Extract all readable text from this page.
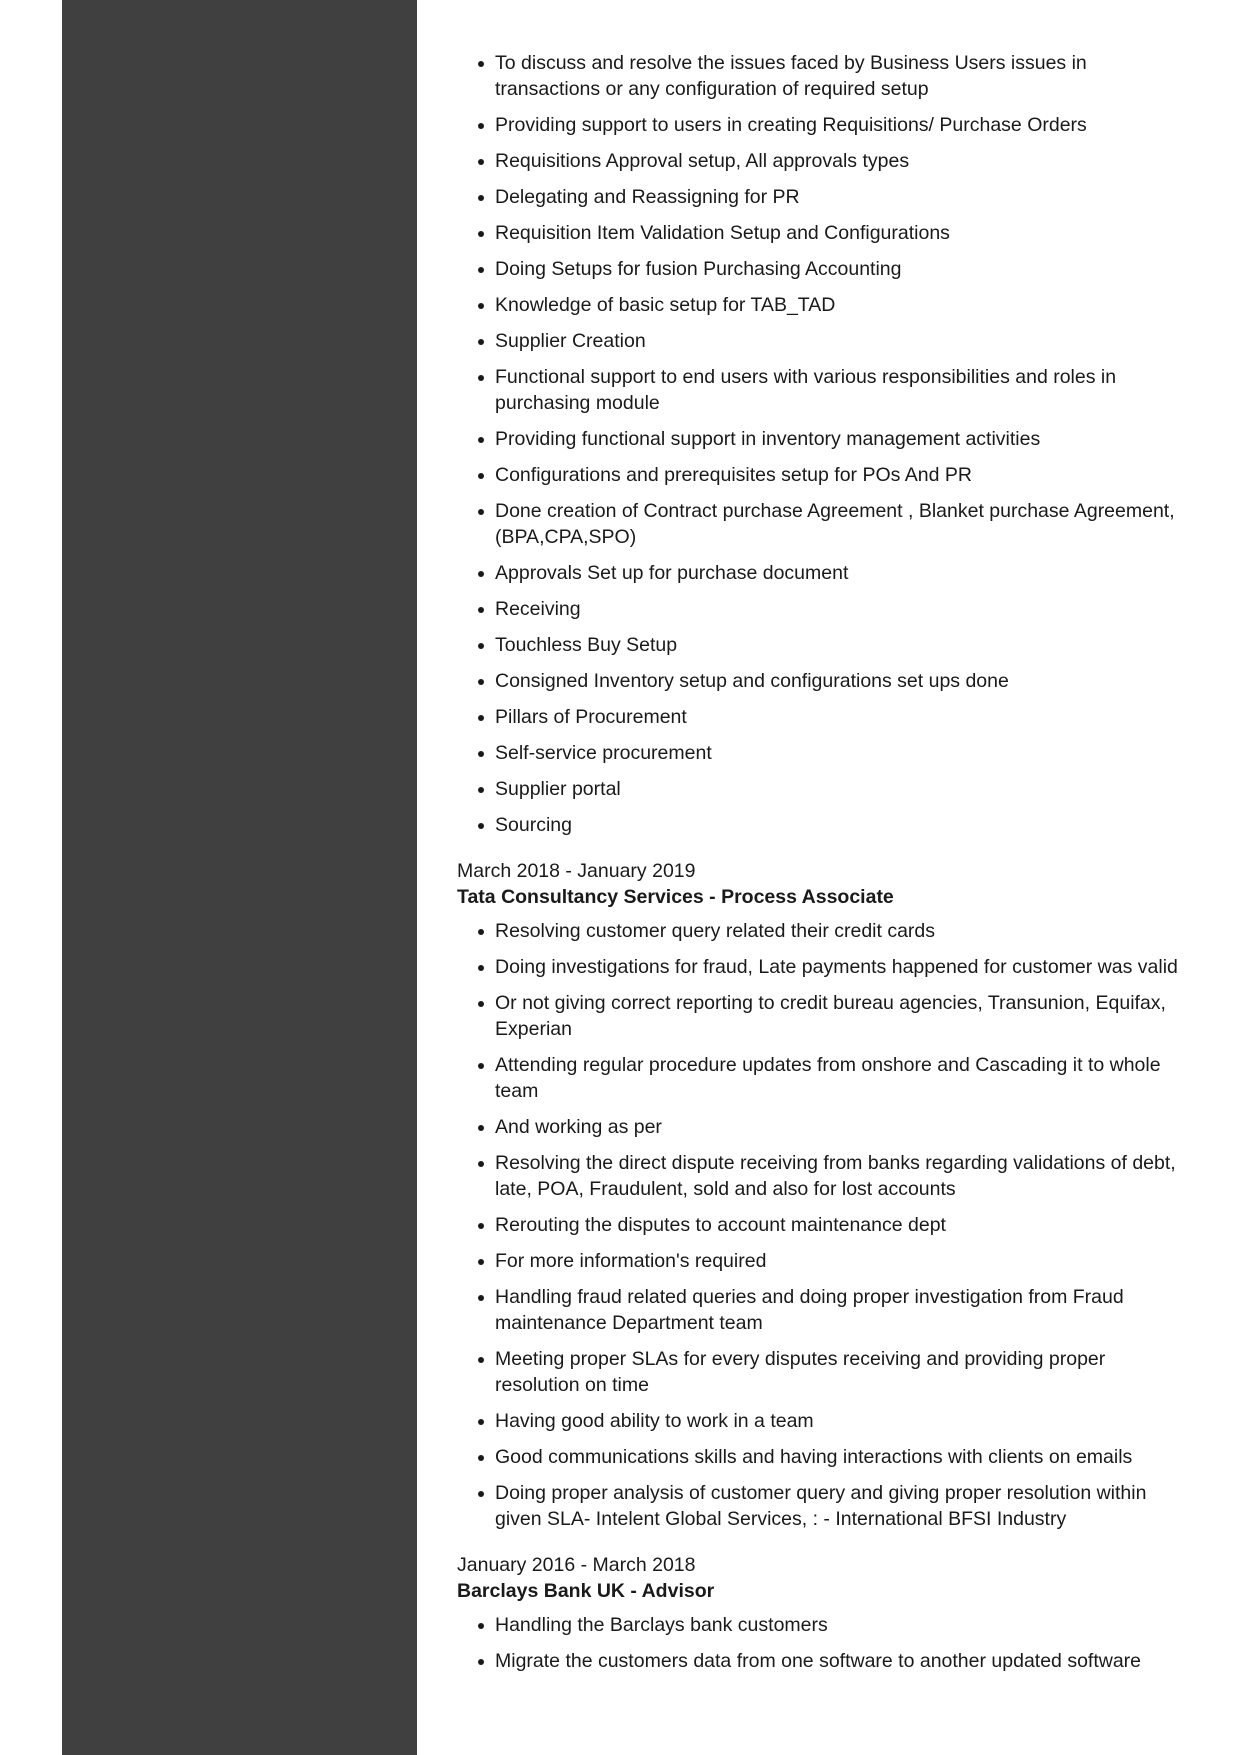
To discuss and resolve the issues faced by Business Users issues in transactions or any configuration of required setup
Providing support to users in creating Requisitions/ Purchase Orders
Requisitions Approval setup, All approvals types
Delegating and Reassigning for PR
Requisition Item Validation Setup and Configurations
Doing Setups for fusion Purchasing Accounting
Knowledge of basic setup for TAB_TAD
Supplier Creation
Functional support to end users with various responsibilities and roles in purchasing module
Providing functional support in inventory management activities
Configurations and prerequisites setup for POs And PR
Done creation of Contract purchase Agreement , Blanket purchase Agreement, (BPA,CPA,SPO)
Approvals Set up for purchase document
Receiving
Touchless Buy Setup
Consigned Inventory setup and configurations set ups done
Pillars of Procurement
Self-service procurement
Supplier portal
Sourcing
March 2018 - January 2019
Tata Consultancy Services - Process Associate
Resolving customer query related their credit cards
Doing investigations for fraud, Late payments happened for customer was valid
Or not giving correct reporting to credit bureau agencies, Transunion, Equifax, Experian
Attending regular procedure updates from onshore and Cascading it to whole team
And working as per
Resolving the direct dispute receiving from banks regarding validations of debt, late, POA, Fraudulent, sold and also for lost accounts
Rerouting the disputes to account maintenance dept
For more information's required
Handling fraud related queries and doing proper investigation from Fraud maintenance Department team
Meeting proper SLAs for every disputes receiving and providing proper resolution on time
Having good ability to work in a team
Good communications skills and having interactions with clients on emails
Doing proper analysis of customer query and giving proper resolution within given SLA- Intelent Global Services, : - International BFSI Industry
January 2016 - March 2018
Barclays Bank UK - Advisor
Handling the Barclays bank customers
Migrate the customers data from one software to another updated software
